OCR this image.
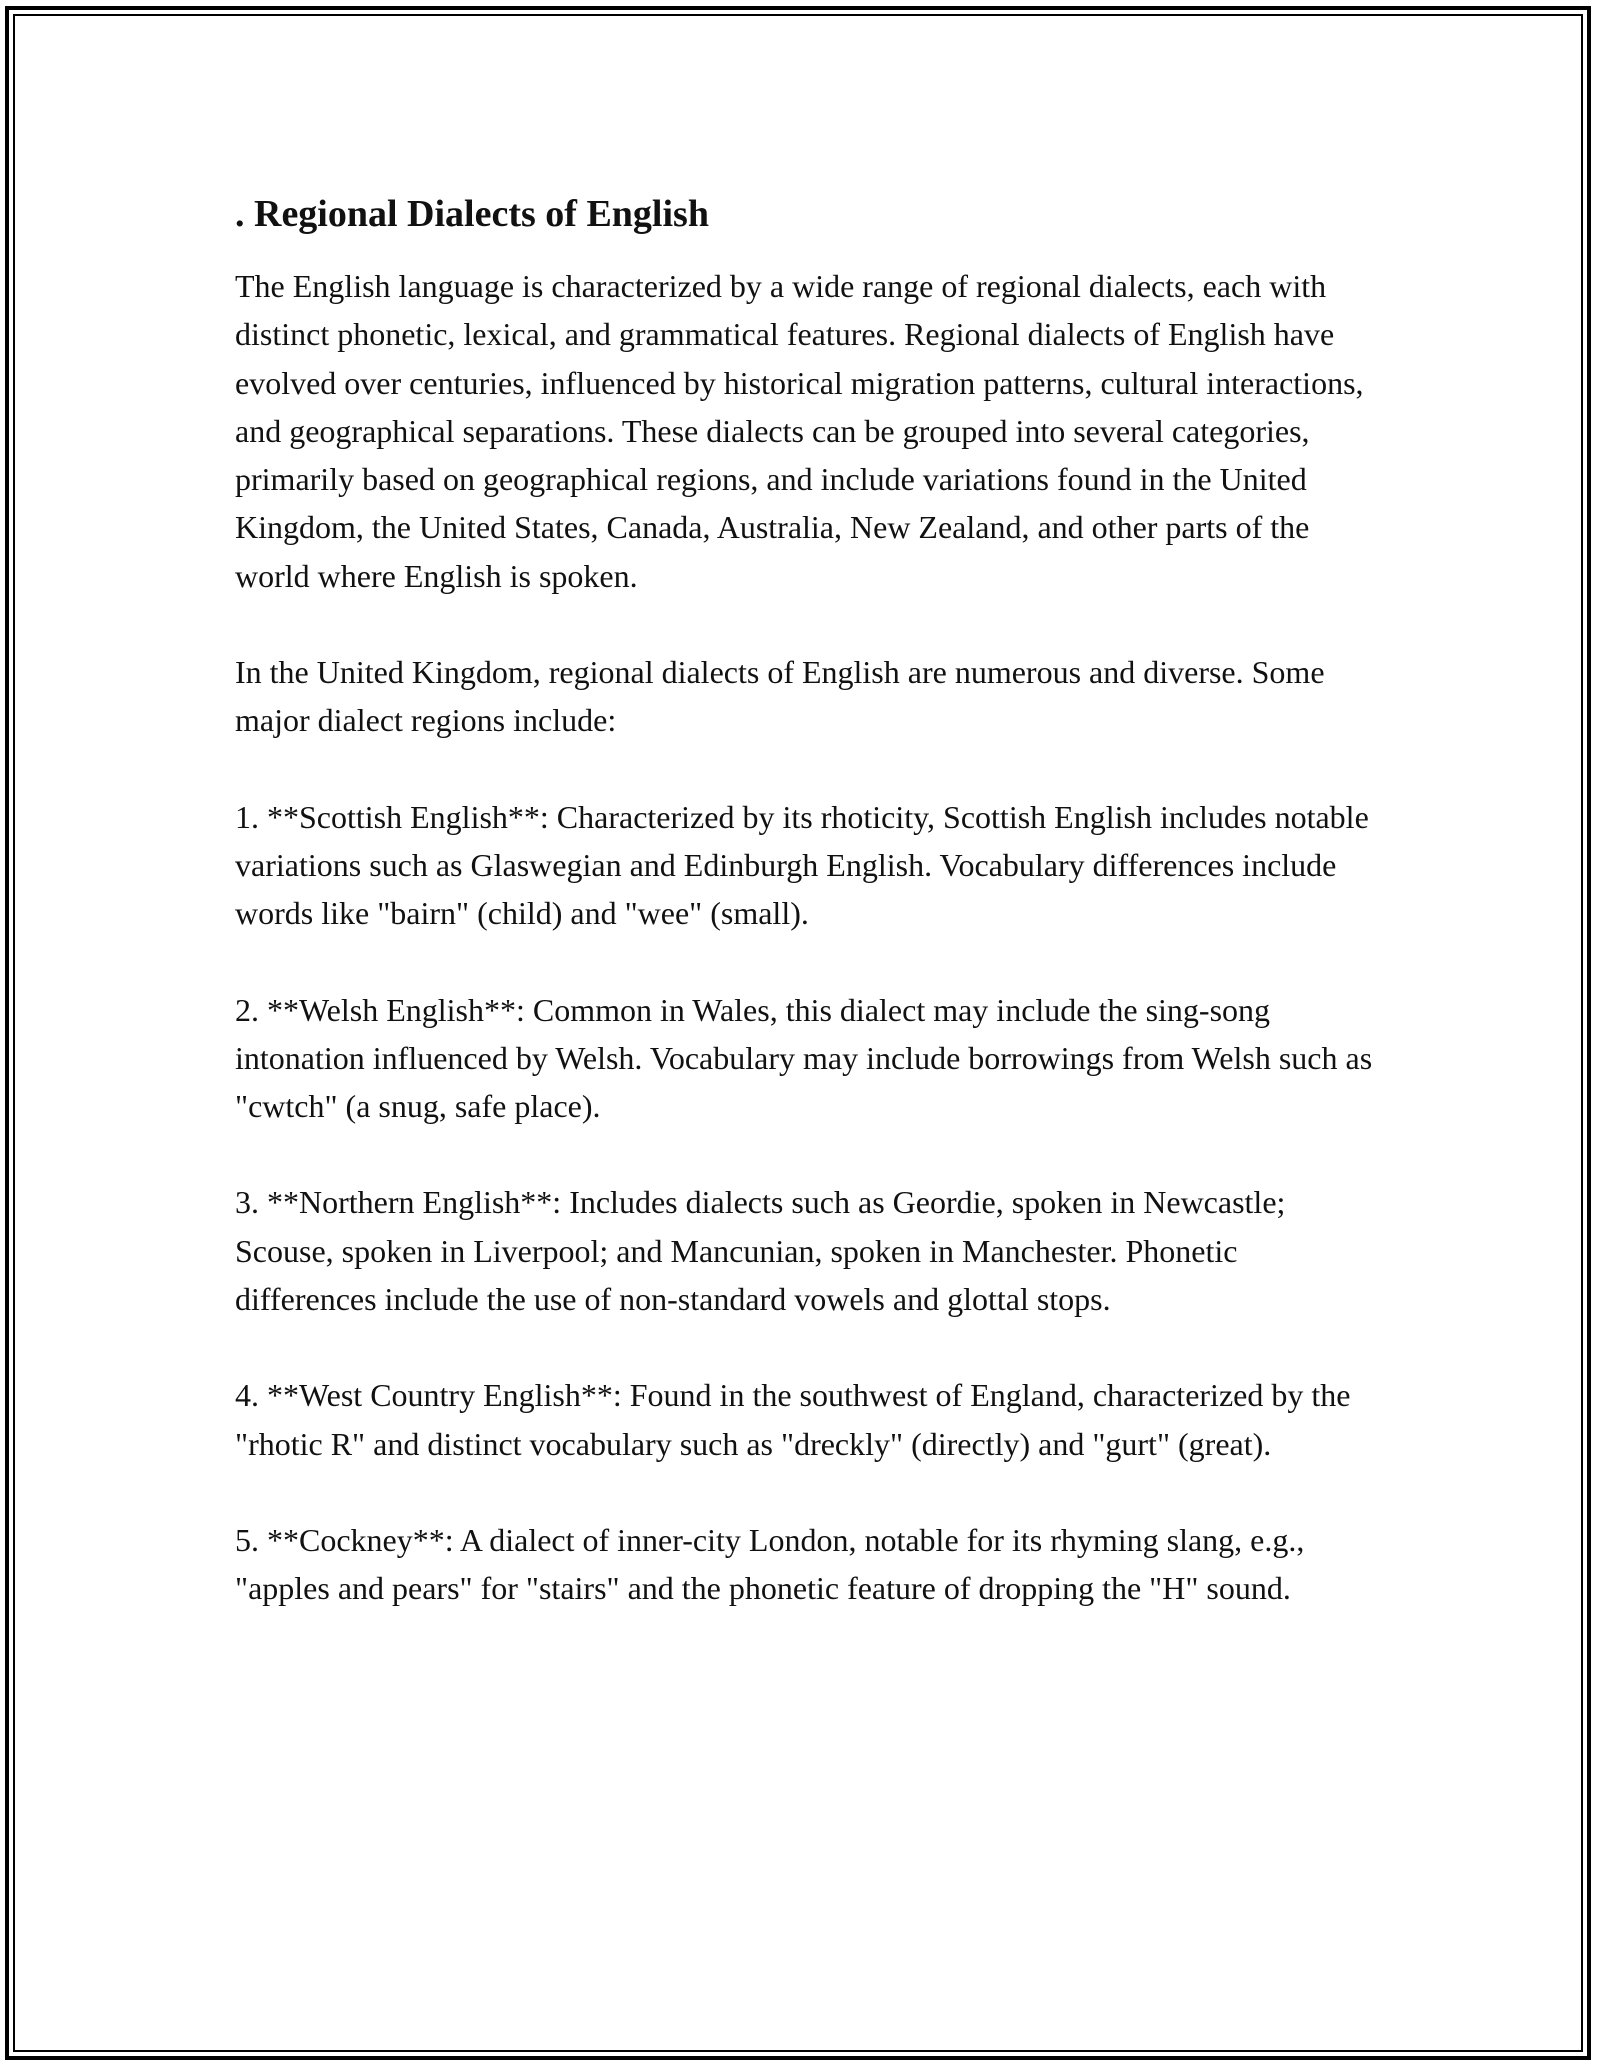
. Regional Dialects of English

The English language is characterized by a wide range of regional dialects, each with distinct phonetic, lexical, and grammatical features. Regional dialects of English have evolved over centuries, influenced by historical migration patterns, cultural interactions, and geographical separations. These dialects can be grouped into several categories, primarily based on geographical regions, and include variations found in the United Kingdom, the United States, Canada, Australia, New Zealand, and other parts of the world where English is spoken.

In the United Kingdom, regional dialects of English are numerous and diverse. Some major dialect regions include:

1. **Scottish English**: Characterized by its rhoticity, Scottish English includes notable variations such as Glaswegian and Edinburgh English. Vocabulary differences include words like "bairn" (child) and "wee" (small).

2. **Welsh English**: Common in Wales, this dialect may include the sing-song intonation influenced by Welsh. Vocabulary may include borrowings from Welsh such as "cwtch" (a snug, safe place).

3. **Northern English**: Includes dialects such as Geordie, spoken in Newcastle; Scouse, spoken in Liverpool; and Mancunian, spoken in Manchester. Phonetic differences include the use of non-standard vowels and glottal stops.

4. **West Country English**: Found in the southwest of England, characterized by the "rhotic R" and distinct vocabulary such as "dreckly" (directly) and "gurt" (great).

5. **Cockney**: A dialect of inner-city London, notable for its rhyming slang, e.g., "apples and pears" for "stairs" and the phonetic feature of dropping the "H" sound.
